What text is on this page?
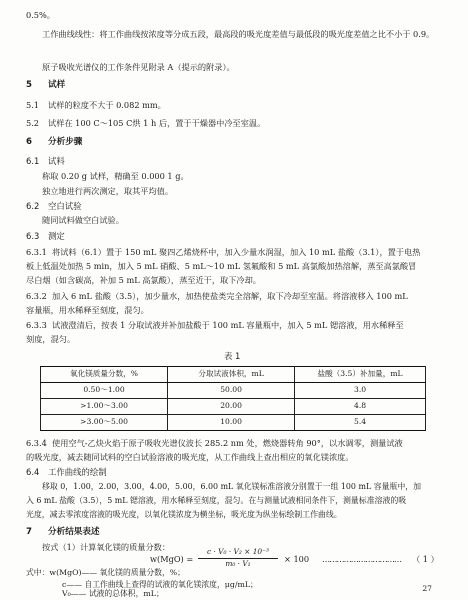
0.5%。
工作曲线线性：将工作曲线按浓度等分成五段，最高段的吸光度差值与最低段的吸光度差值之比不小于 0.9。
原子吸收光谱仪的工作条件见附录 A（提示的附录）。
5 试样
5.1 试样的粒度不大于 0.082 mm。
5.2 试样在 100 C～105 C烘 1 h 后，置于干燥器中冷至室温。
6 分析步骤
6.1 试料
称取 0.20 g 试样，精确至 0.000 1 g。
独立地进行两次测定，取其平均值。
6.2 空白试验
随同试料做空白试验。
6.3 测定
6.3.1 将试料（6.1）置于 150 mL 聚四乙烯烧杯中，加入少量水润湿，加入 10 mL 盐酸（3.1），置于电热
板上低温处加热 5 min，加入 5 mL 硝酸、5 mL～10 mL 氢氟酸和 5 mL 高氯酸加热溶解，蒸至高氯酸冒
尽白烟（如含碳高，补加 5 mL 高氯酸），蒸至近干，取下冷却。
6.3.2 加入 6 mL 盐酸（3.5），加少量水，加热使盐类完全溶解，取下冷却至室温。将溶液移入 100 mL
容量瓶，用水稀释至刻度，混匀。
6.3.3 试液澄清后，按表 1 分取试液并补加盐酸于 100 mL 容量瓶中，加入 5 mL 锶溶液，用水稀释至
刻度，混匀。
表 1
氧化镁质量分数，%	分取试液体积，mL	盐酸（3.5）补加量，mL
0.50～1.00	50.00	3.0
>1.00～3.00	20.00	4.8
>3.00～5.00	10.00	5.4
6.3.4 使用空气-乙炔火焰于原子吸收光谱仪波长 285.2 nm 处，燃烧器转角 90°，以水调零，测量试液
的吸光度，减去随同试料的空白试验溶液的吸光度，从工作曲线上查出相应的氧化镁浓度。
6.4 工作曲线的绘制
移取 0，1.00，2.00，3.00，4.00，5.00，6.00 mL 氧化镁标准溶液分别置于一组 100 mL 容量瓶中，加
入 6 mL 盐酸（3.5），5 mL 锶溶液，用水稀释至刻度，混匀。在与测量试液相同条件下，测量标准溶液的吸
光度，减去零浓度溶液的吸光度，以氧化镁浓度为横坐标，吸光度为纵坐标绘制工作曲线。
7 分析结果表述
按式（1）计算氧化镁的质量分数：
w(MgO) =
c · V₀ · V₂ × 10⁻³
m₀ · V₁	× 100 …………………………… （ 1 ）
式中：w(MgO)—— 氧化镁的质量分数，%；
c—— 自工作曲线上查得的试液的氧化镁浓度，μg/mL；
V₀—— 试液的总体积，mL；
27
